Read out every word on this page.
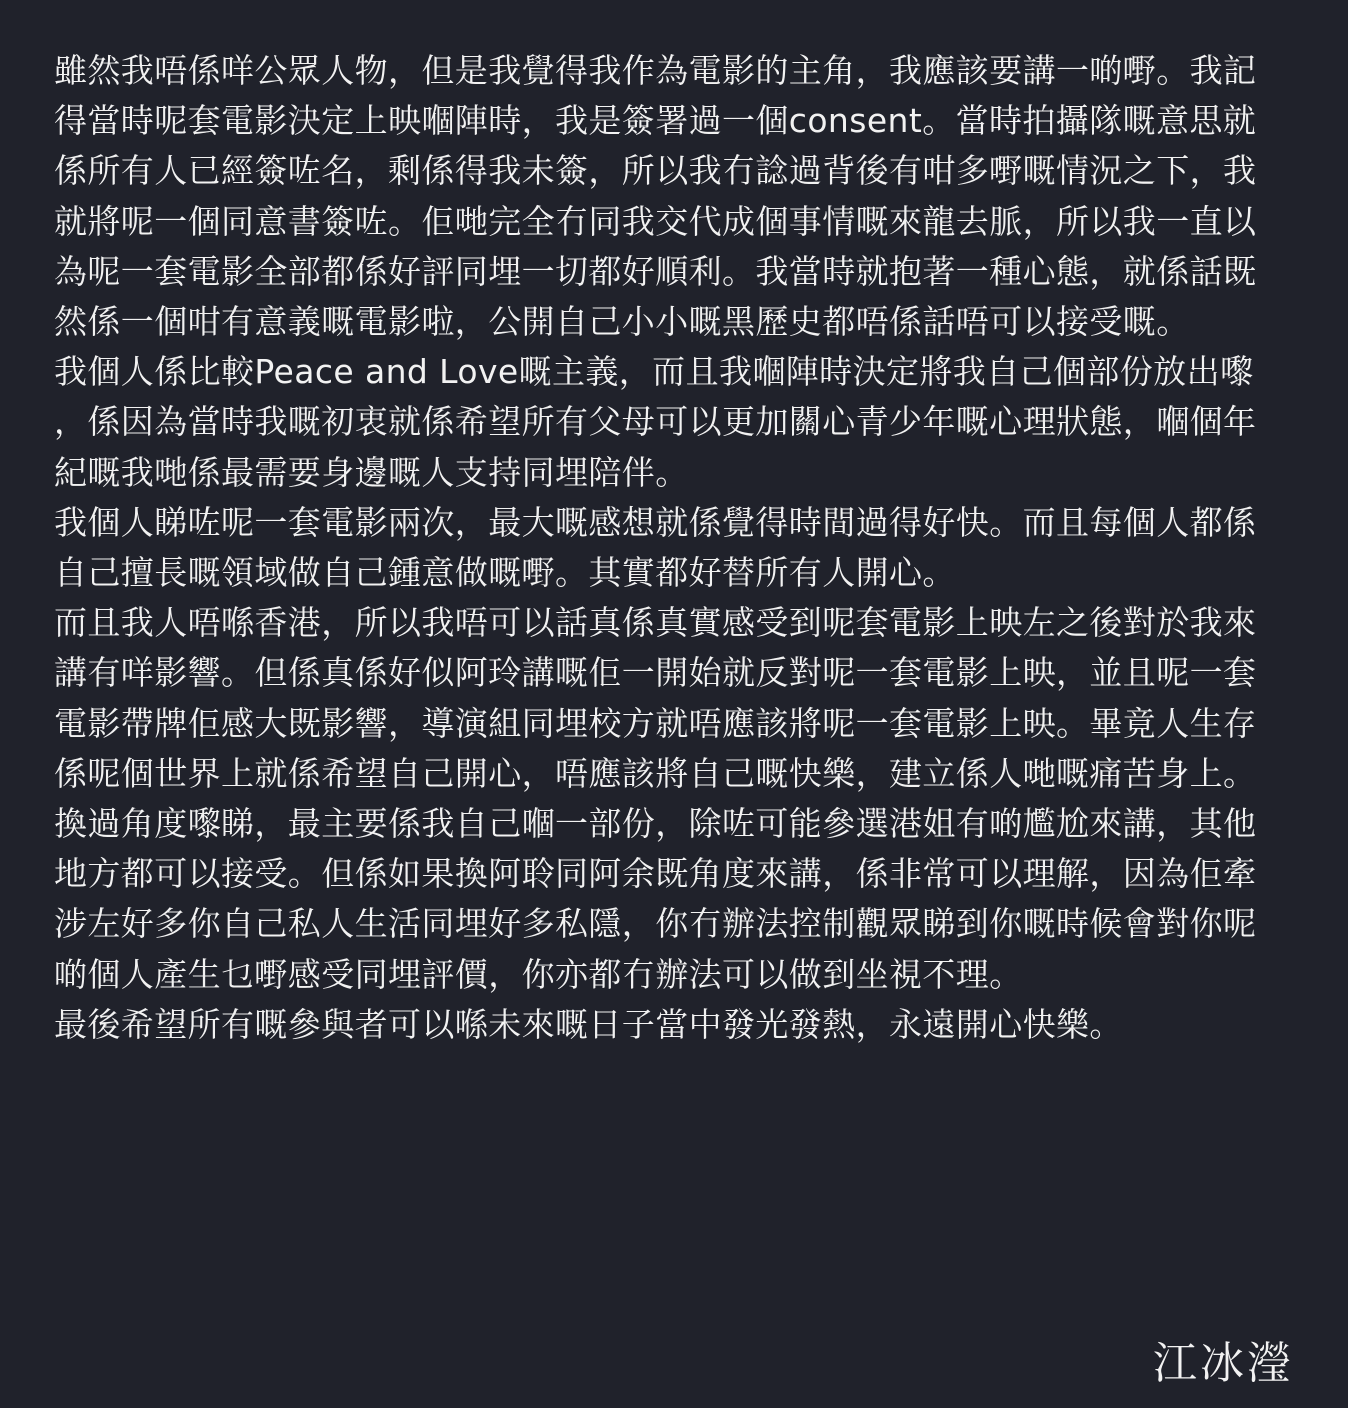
雖然我唔係咩公眾人物，但是我覺得我作為電影的主角，我應該要講一啲嘢。我記得當時呢套電影決定上映嗰陣時，我是簽署過一個consent。當時拍攝隊嘅意思就係所有人已經簽咗名，剩係得我未簽，所以我冇諗過背後有咁多嘢嘅情況之下，我就將呢一個同意書簽咗。佢哋完全冇同我交代成個事情嘅來龍去脈，所以我一直以為呢一套電影全部都係好評同埋一切都好順利。我當時就抱著一種心態，就係話既然係一個咁有意義嘅電影啦，公開自己小小嘅黑歷史都唔係話唔可以接受嘅。

我個人係比較Peace and Love嘅主義，而且我嗰陣時決定將我自己個部份放出嚟，係因為當時我嘅初衷就係希望所有父母可以更加關心青少年嘅心理狀態，嗰個年紀嘅我哋係最需要身邊嘅人支持同埋陪伴。

我個人睇咗呢一套電影兩次，最大嘅感想就係覺得時間過得好快。而且每個人都係自己擅長嘅領域做自己鍾意做嘅嘢。其實都好替所有人開心。

而且我人唔喺香港，所以我唔可以話真係真實感受到呢套電影上映左之後對於我來講有咩影響。但係真係好似阿玲講嘅佢一開始就反對呢一套電影上映，並且呢一套電影帶牌佢感大既影響，導演組同埋校方就唔應該將呢一套電影上映。畢竟人生存係呢個世界上就係希望自己開心，唔應該將自己嘅快樂，建立係人哋嘅痛苦身上。

換過角度嚟睇，最主要係我自己嗰一部份，除咗可能參選港姐有啲尷尬來講，其他地方都可以接受。但係如果換阿聆同阿余既角度來講，係非常可以理解，因為佢牽涉左好多你自己私人生活同埋好多私隱，你冇辦法控制觀眾睇到你嘅時候會對你呢啲個人產生乜嘢感受同埋評價，你亦都冇辦法可以做到坐視不理。

最後希望所有嘅參與者可以喺未來嘅日子當中發光發熱，永遠開心快樂。

江冰瀅
